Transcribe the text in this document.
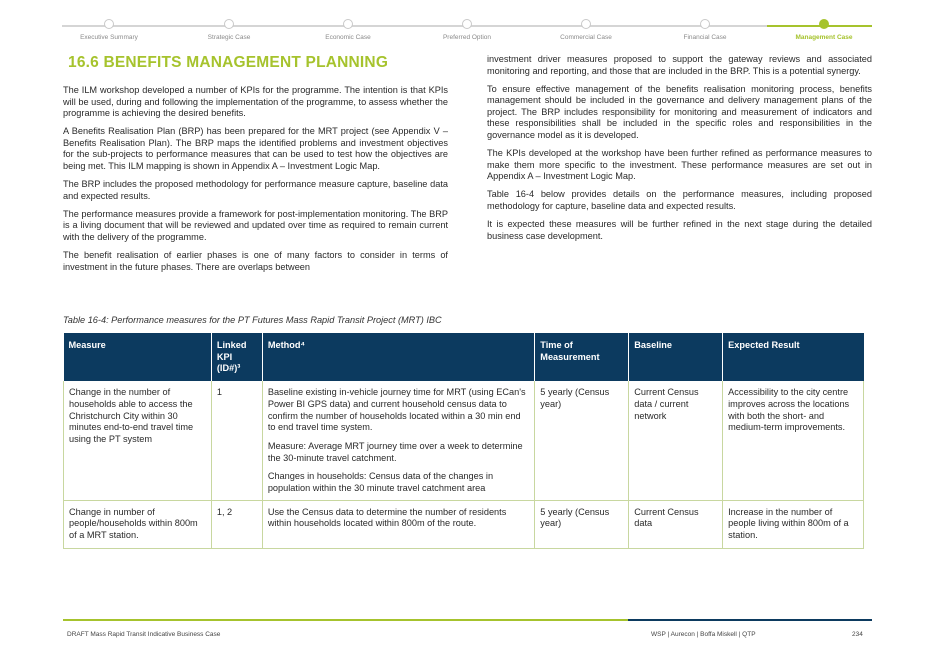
Executive Summary	Strategic Case	Economic Case	Preferred Option	Commercial Case	Financial Case	Management Case
16.6 BENEFITS MANAGEMENT PLANNING

The ILM workshop developed a number of KPIs for the programme. The intention is that KPIs will be used, during and following the implementation of the programme, to assess whether the programme is achieving the desired benefits.

A Benefits Realisation Plan (BRP) has been prepared for the MRT project (see Appendix V – Benefits Realisation Plan). The BRP maps the identified problems and investment objectives for the sub-projects to performance measures that can be used to test how the objectives are being met. This ILM mapping is shown in Appendix A – Investment Logic Map.

The BRP includes the proposed methodology for performance measure capture, baseline data and expected results.

The performance measures provide a framework for post-implementation monitoring. The BRP is a living document that will be reviewed and updated over time as required to remain current with the delivery of the programme.

The benefit realisation of earlier phases is one of many factors to consider in terms of investment in the future phases. There are overlaps between

investment driver measures proposed to support the gateway reviews and associated monitoring and reporting, and those that are included in the BRP. This is a potential synergy.

To ensure effective management of the benefits realisation monitoring process, benefits management should be included in the governance and delivery management plans of the project. The BRP includes responsibility for monitoring and measurement of indicators and these responsibilities shall be included in the specific roles and responsibilities in the governance model as it is developed.

The KPIs developed at the workshop have been further refined as performance measures to make them more specific to the investment. These performance measures are set out in Appendix A – Investment Logic Map.

Table 16-4 below provides details on the performance measures, including proposed methodology for capture, baseline data and expected results.

It is expected these measures will be further refined in the next stage during the detailed business case development.

Table 16-4: Performance measures for the PT Futures Mass Rapid Transit Project (MRT) IBC
Measure	Linked KPI (ID#)³	Method⁴	Time of Measurement	Baseline	Expected Result
Change in the number of households able to access the Christchurch City within 30 minutes end-to-end travel time using the PT system	1	Baseline existing in-vehicle journey time for MRT (using ECan's Power BI GPS data) and current household census data to confirm the number of households located within a 30 min end to end travel time system.

Measure: Average MRT journey time over a week to determine the 30-minute travel catchment.

Changes in households: Census data of the changes in population within the 30 minute travel catchment area	5 yearly (Census year)	Current Census data / current network	Accessibility to the city centre improves across the locations with both the short- and medium-term improvements.
Change in number of people/households within 800m of a MRT station.	1, 2	Use the Census data to determine the number of residents within households located within 800m of the route.	5 yearly (Census year)	Current Census data	Increase in the number of people living within 800m of a station.
DRAFT Mass Rapid Transit Indicative Business Case	WSP | Aurecon | Boffa Miskell | QTP	234
